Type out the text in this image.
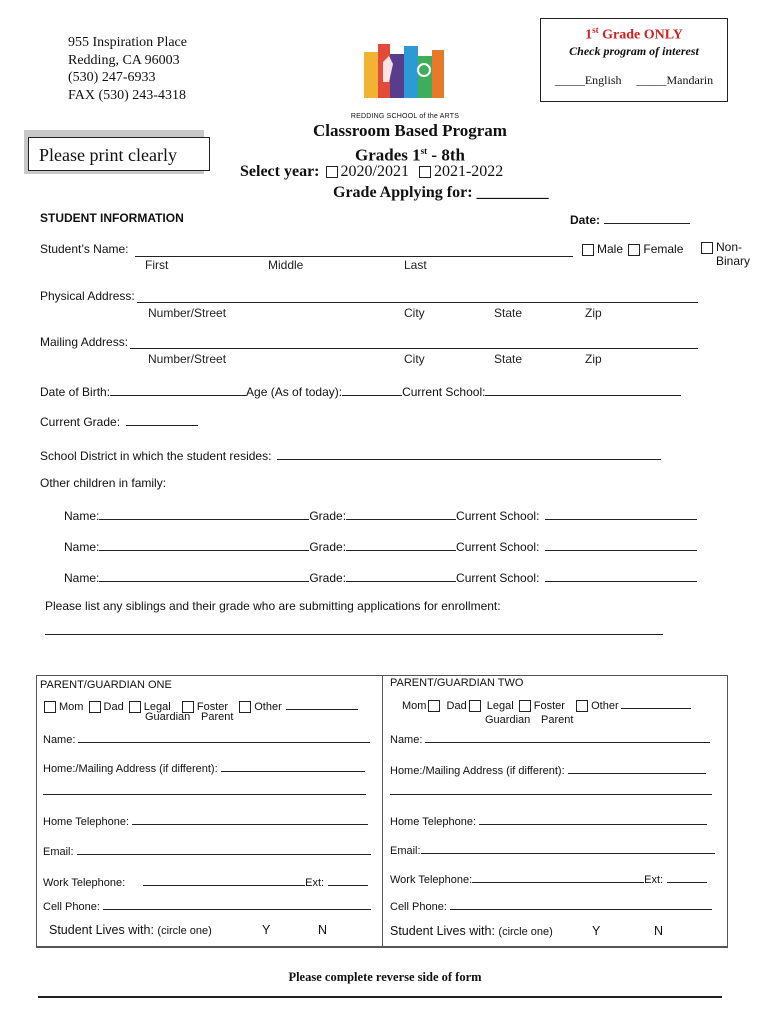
955 Inspiration Place
Redding, CA 96003
(530) 247-6933
FAX (530) 243-4318
REDDING SCHOOL of the ARTS
1st Grade ONLY
Check program of interest
_____English _____Mandarin
Please print clearly
Classroom Based Program
Grades 1st - 8th
Select year: 2020/2021 2021-2022
Grade Applying for: _________
STUDENT INFORMATION	Date:
Student’s Name:	Male Female	Non-Binary
First	Middle	Last
Physical Address:
Number/Street	City	State	Zip
Mailing Address:
Number/Street	City	State	Zip
Date of Birth:	Age (As of today):	Current School:
Current Grade:
School District in which the student resides:
Other children in family:
Name:	Grade:	Current School:
Name:	Grade:	Current School:
Name:	Grade:	Current School:
Please list any siblings and their grade who are submitting applications for enrollment:
PARENT/GUARDIAN ONE
Mom Dad Legal Foster Other
Guardian Parent
Name:
Home:/Mailing Address (if different):
Home Telephone:
Email:
Work Telephone:	Ext:
Cell Phone:
Student Lives with: (circle one)	Y	N
PARENT/GUARDIAN TWO
Mom Dad Legal Foster Other
Guardian Parent
Name:
Home:/Mailing Address (if different):
Home Telephone:
Email:
Work Telephone:	Ext:
Cell Phone:
Student Lives with: (circle one)	Y	N
Please complete reverse side of form
